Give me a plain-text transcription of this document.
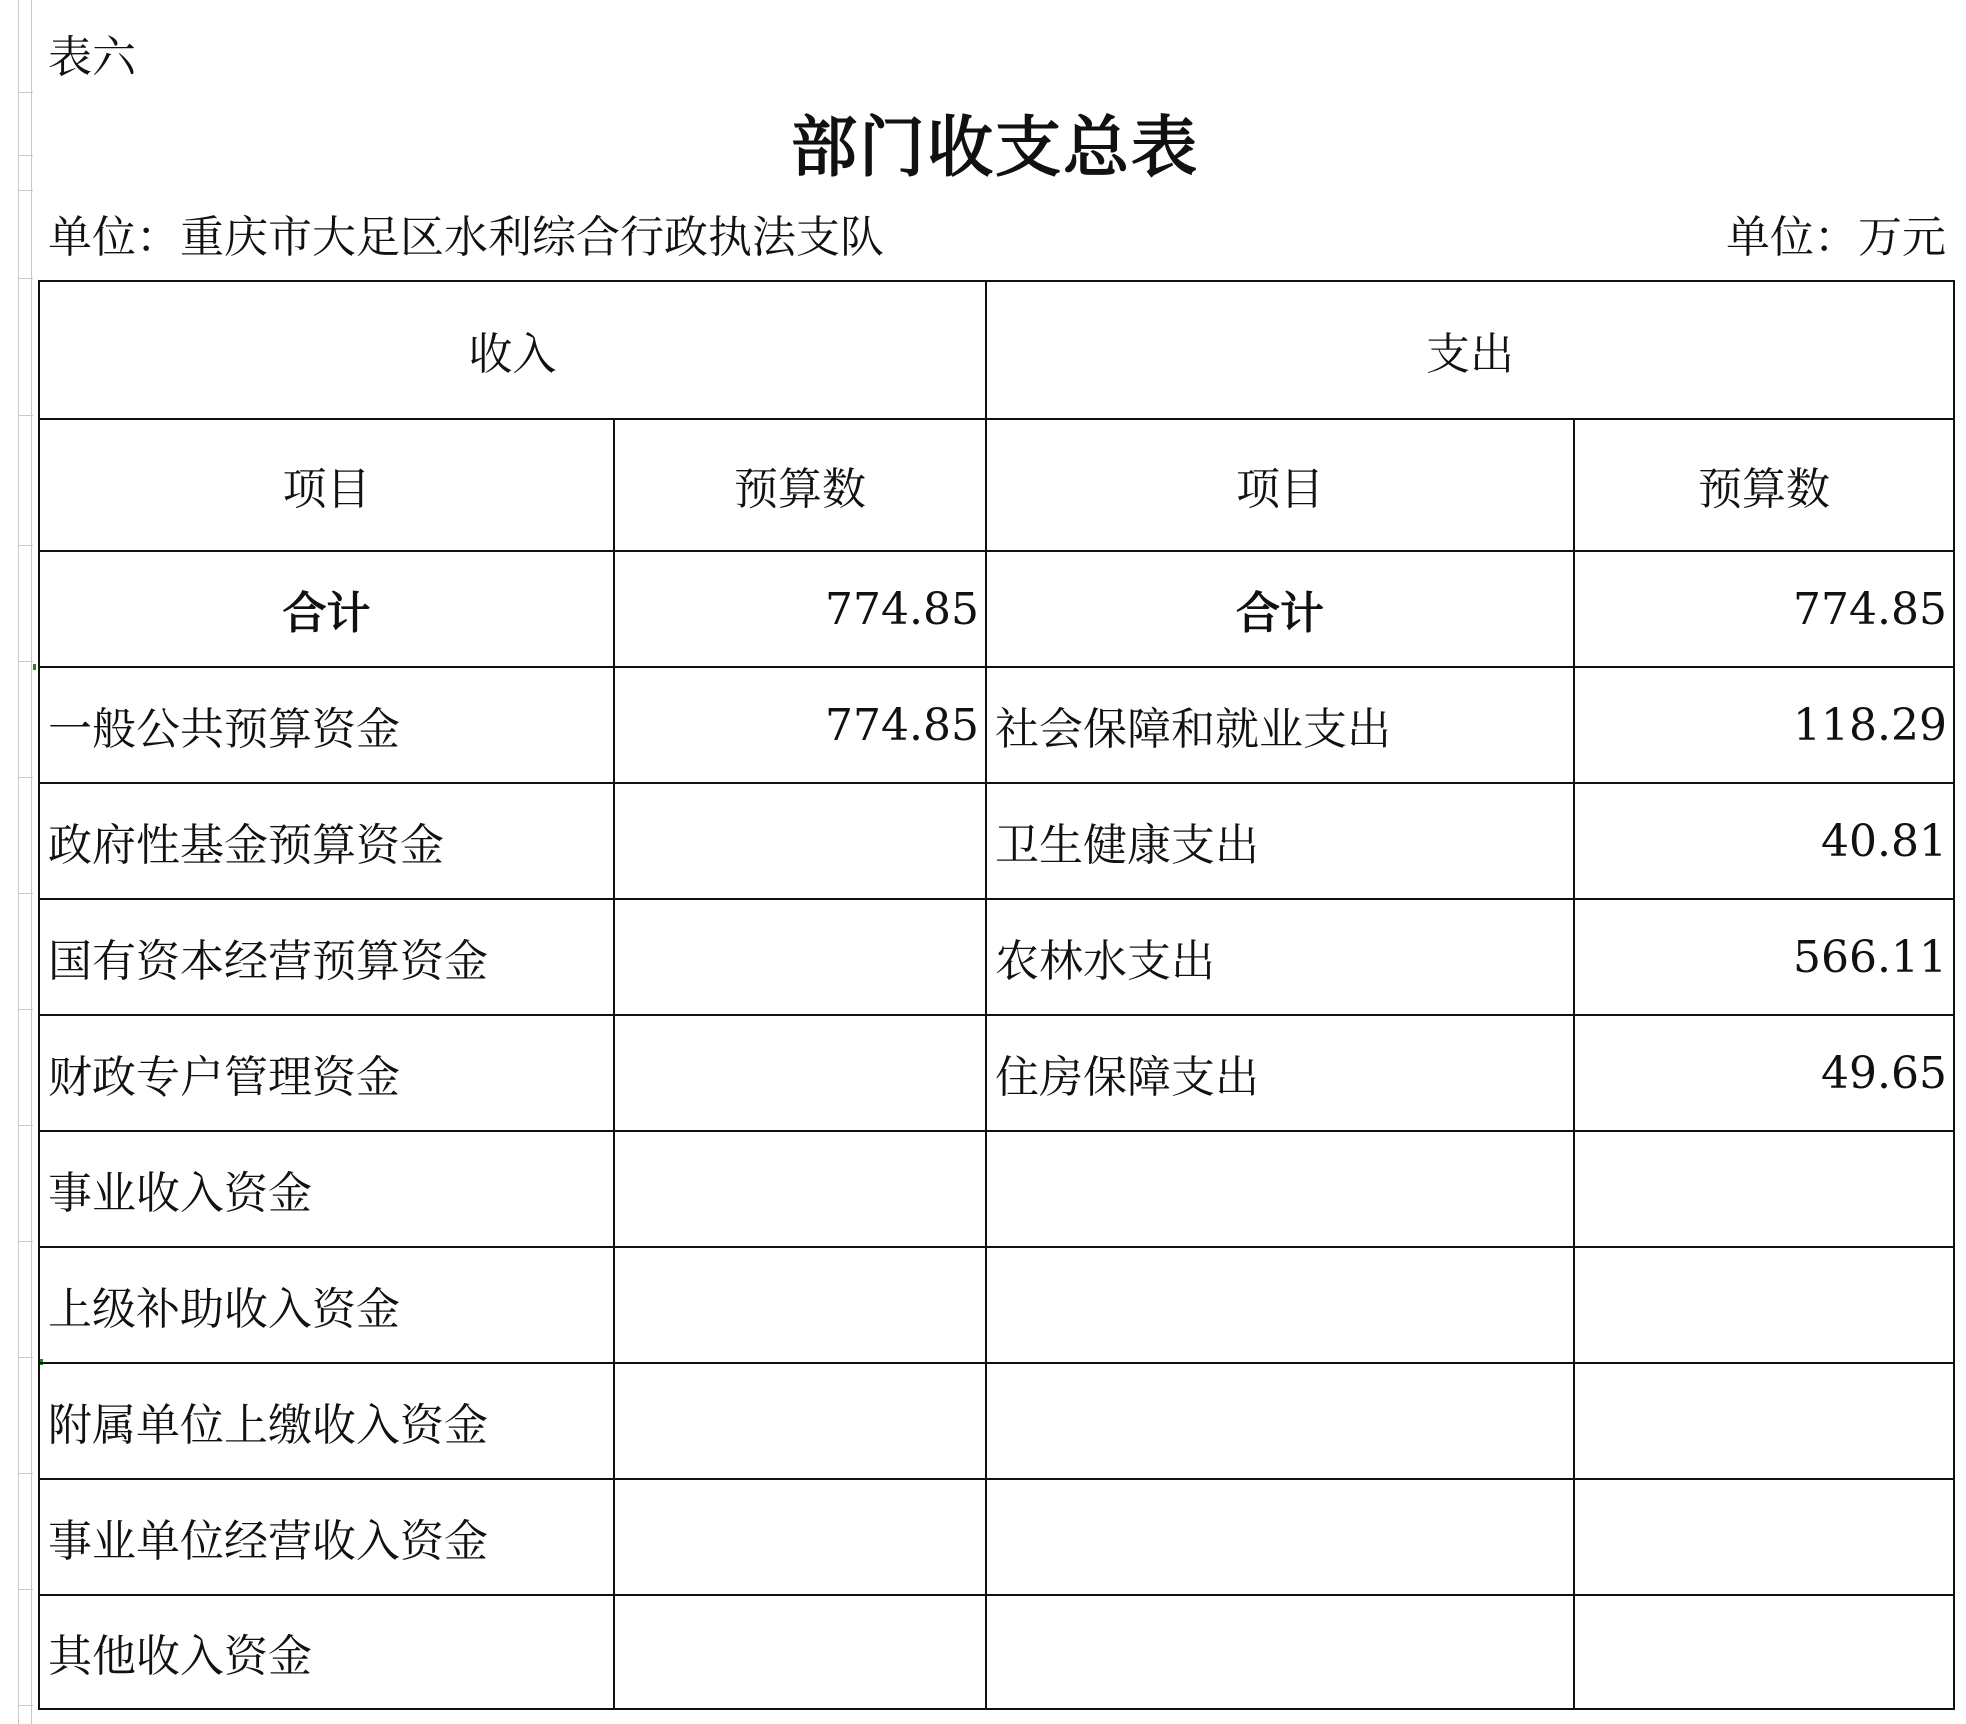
表六
部门收支总表
单位：重庆市大足区水利综合行政执法支队	单位：万元
收入		支出	
项目	预算数	项目	预算数
合计	774.85	合计	774.85
一般公共预算资金	774.85	社会保障和就业支出	118.29
政府性基金预算资金		卫生健康支出	40.81
国有资本经营预算资金		农林水支出	566.11
财政专户管理资金		住房保障支出	49.65
事业收入资金			
上级补助收入资金			
附属单位上缴收入资金			
事业单位经营收入资金			
其他收入资金			
